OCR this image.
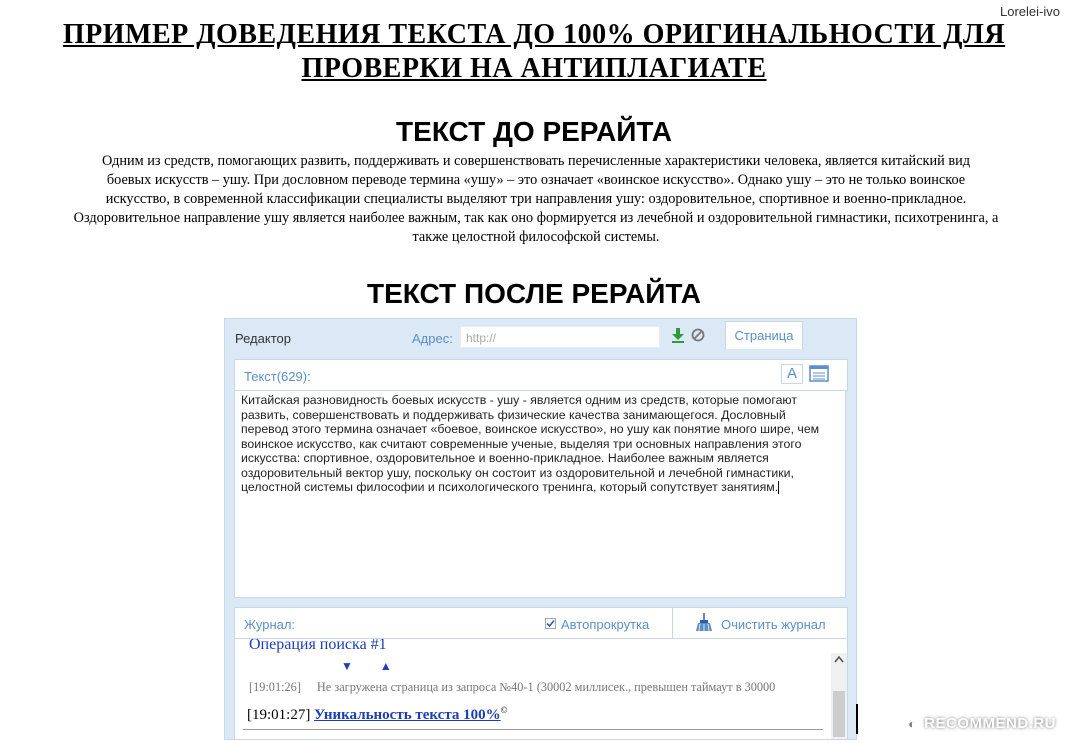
Lorelei-ivo
ПРИМЕР ДОВЕДЕНИЯ ТЕКСТА ДО 100% ОРИГИНАЛЬНОСТИ ДЛЯ
ПРОВЕРКИ НА АНТИПЛАГИАТЕ
ТЕКСТ ДО РЕРАЙТА
Одним из средств, помогающих развить, поддерживать и совершенствовать перечисленные характеристики человека, является китайский вид
боевых искусств – ушу. При дословном переводе термина «ушу» – это означает «воинское искусство». Однако ушу – это не только воинское
искусство, в современной классификации специалисты выделяют три направления ушу: оздоровительное, спортивное и военно-прикладное.
Оздоровительное направление ушу является наиболее важным, так как оно формируется из лечебной и оздоровительной гимнастики, психотренинга, а
также целостной философской системы.
ТЕКСТ ПОСЛЕ РЕРАЙТА
Редактор	Адрес:	http://	Страница
Текст(629):	A
Китайская разновидность боевых искусств - ушу - является одним из средств, которые помогают
развить, совершенствовать и поддерживать физические качества занимающегося. Дословный
перевод этого термина означает «боевое, воинское искусство», но ушу как понятие много шире, чем
воинское искусство, как считают современные ученые, выделяя три основных направления этого
искусства: спортивное, оздоровительное и военно-прикладное. Наиболее важным является
оздоровительный вектор ушу, поскольку он состоит из оздоровительной и лечебной гимнастики,
целостной системы философии и психологического тренинга, который сопутствует занятиям.
Журнал:	Автопрокрутка	Очистить журнал
Операция поиска #1
▼ ▲
[19:01:26] Не загружена страница из запроса №40-1 (30002 миллисек., превышен таймаут в 30000
[19:01:27] Уникальность текста 100%©
◐ RECOMMEND.RU
